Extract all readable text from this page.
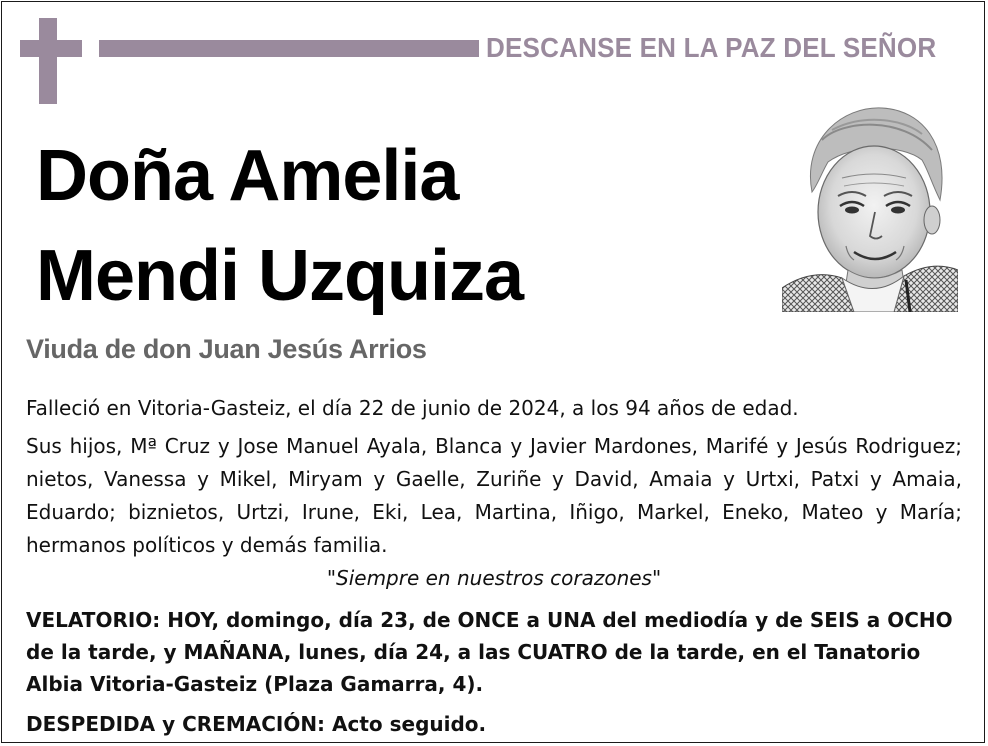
DESCANSE EN LA PAZ DEL SEÑOR
Doña Amelia
Mendi Uzquiza
Viuda de don Juan Jesús Arrios

Falleció en Vitoria-Gasteiz, el día 22 de junio de 2024, a los 94 años de edad.

Sus hijos, Mª Cruz y Jose Manuel Ayala, Blanca y Javier Mardones, Marifé y Jesús Rodriguez; nietos, Vanessa y Mikel, Miryam y Gaelle, Zuriñe y David, Amaia y Urtxi, Patxi y Amaia, Eduardo; biznietos, Urtzi, Irune, Eki, Lea, Martina, Iñigo, Markel, Eneko, Mateo y María; hermanos políticos y demás familia.

"Siempre en nuestros corazones"

VELATORIO: HOY, domingo, día 23, de ONCE a UNA del mediodía y de SEIS a OCHO de la tarde, y MAÑANA, lunes, día 24, a las CUATRO de la tarde, en el Tanatorio Albia Vitoria-Gasteiz (Plaza Gamarra, 4).

DESPEDIDA y CREMACIÓN: Acto seguido.
